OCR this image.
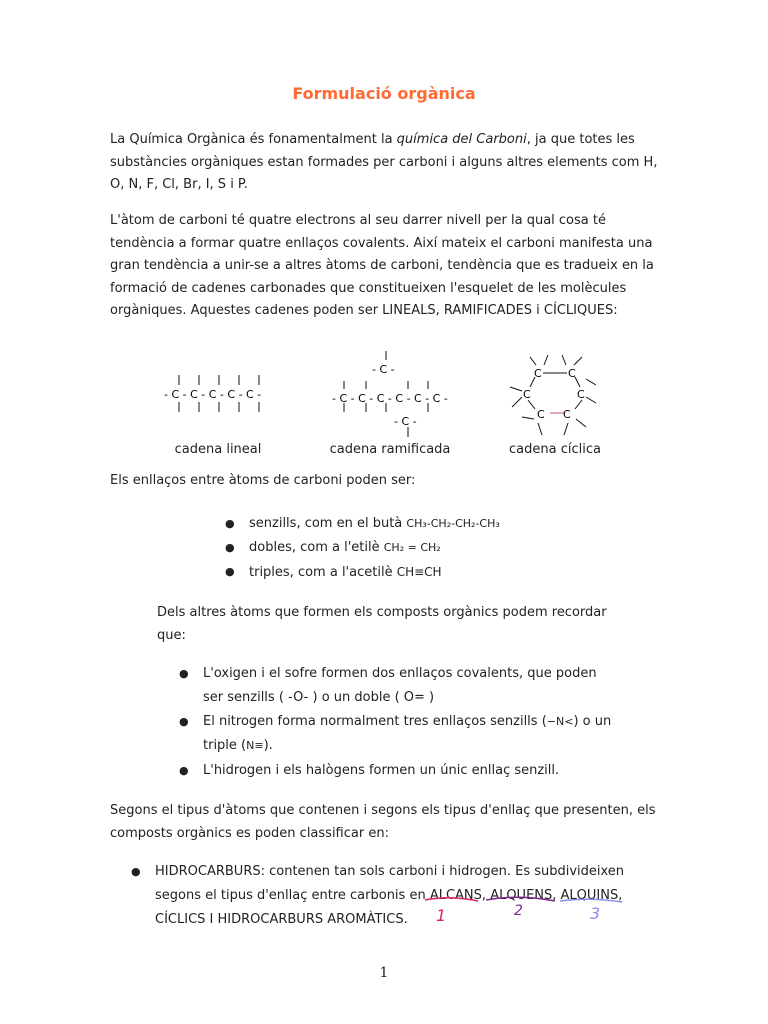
Formulació orgànica

La Química Orgànica és fonamentalment la química del Carboni, ja que totes les substàncies orgàniques estan formades per carboni i alguns altres elements com H, O, N, F, Cl, Br, I, S i P.

L'àtom de carboni té quatre electrons al seu darrer nivell per la qual cosa té tendència a formar quatre enllaços covalents. Així mateix el carboni manifesta una gran tendència a unir-se a altres àtoms de carboni, tendència que es tradueix en la formació de cadenes carbonades que constitueixen l'esquelet de les molècules orgàniques. Aquestes cadenes poden ser LINEALS, RAMIFICADES i CÍCLIQUES:

- C - C - C - C - C -
- C -
- C - C - C - C - C - C -
- C -
C C
C	C
C C
cadena lineal	cadena ramificada	cadena cíclica

Els enllaços entre àtoms de carboni poden ser:

● senzills, com en el butà CH₃-CH₂-CH₂-CH₃
● dobles, com a l'etilè CH₂ = CH₂
● triples, com a l'acetilè CH≡CH

Dels altres àtoms que formen els composts orgànics podem recordar que:

● L'oxigen i el sofre formen dos enllaços covalents, que poden
ser senzills ( -O- ) o un doble ( O= )
● El nitrogen forma normalment tres enllaços senzills (−N<) o un
triple (N≡).
● L'hidrogen i els halògens formen un únic enllaç senzill.

Segons el tipus d'àtoms que contenen i segons els tipus d'enllaç que presenten, els composts orgànics es poden classificar en:

● HIDROCARBURS: contenen tan sols carboni i hidrogen. Es subdivideixen
segons el tipus d'enllaç entre carbonis en ALCANS, ALQUENS, ALQUINS,
CÍCLICS I HIDROCARBURS AROMÀTICS.	1	2	3
1
